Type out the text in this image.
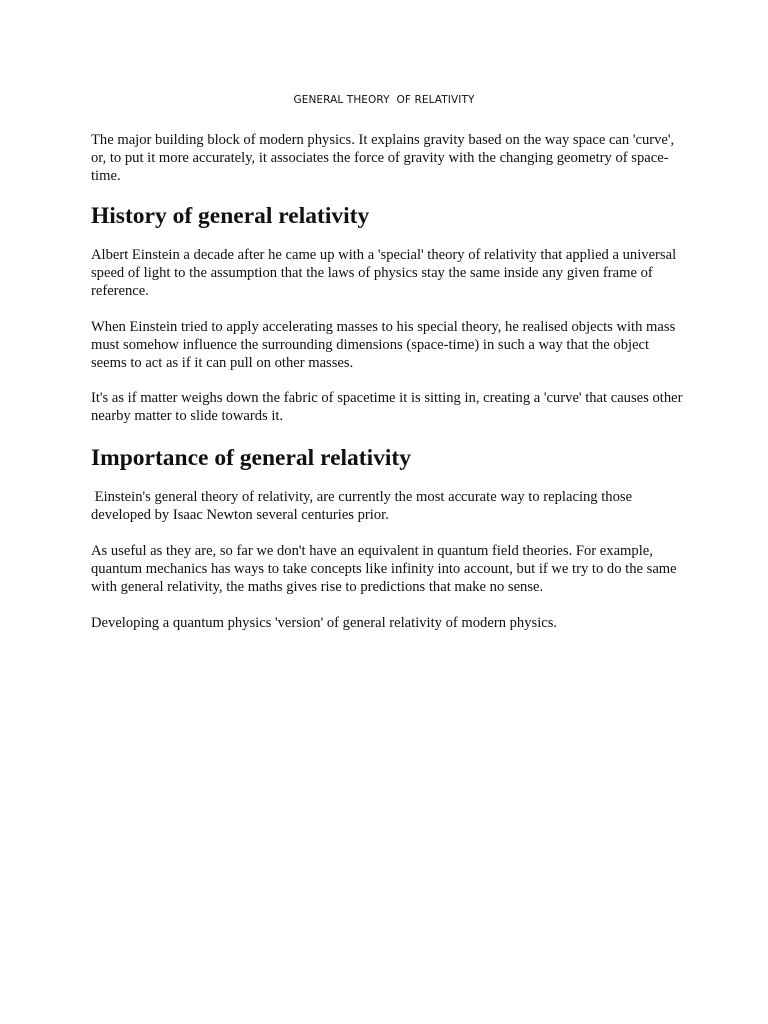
GENERAL THEORY  OF RELATIVITY

The major building block of modern physics. It explains gravity based on the way space can 'curve', or, to put it more accurately, it associates the force of gravity with the changing geometry of space-time.

History of general relativity

Albert Einstein a decade after he came up with a 'special' theory of relativity that applied a universal speed of light to the assumption that the laws of physics stay the same inside any given frame of reference.

When Einstein tried to apply accelerating masses to his special theory, he realised objects with mass must somehow influence the surrounding dimensions (space-time) in such a way that the object seems to act as if it can pull on other masses.

It's as if matter weighs down the fabric of spacetime it is sitting in, creating a 'curve' that causes other nearby matter to slide towards it.

Importance of general relativity

Einstein's general theory of relativity, are currently the most accurate way to replacing those developed by Isaac Newton several centuries prior.

As useful as they are, so far we don't have an equivalent in quantum field theories. For example, quantum mechanics has ways to take concepts like infinity into account, but if we try to do the same with general relativity, the maths gives rise to predictions that make no sense.

Developing a quantum physics 'version' of general relativity of modern physics.
